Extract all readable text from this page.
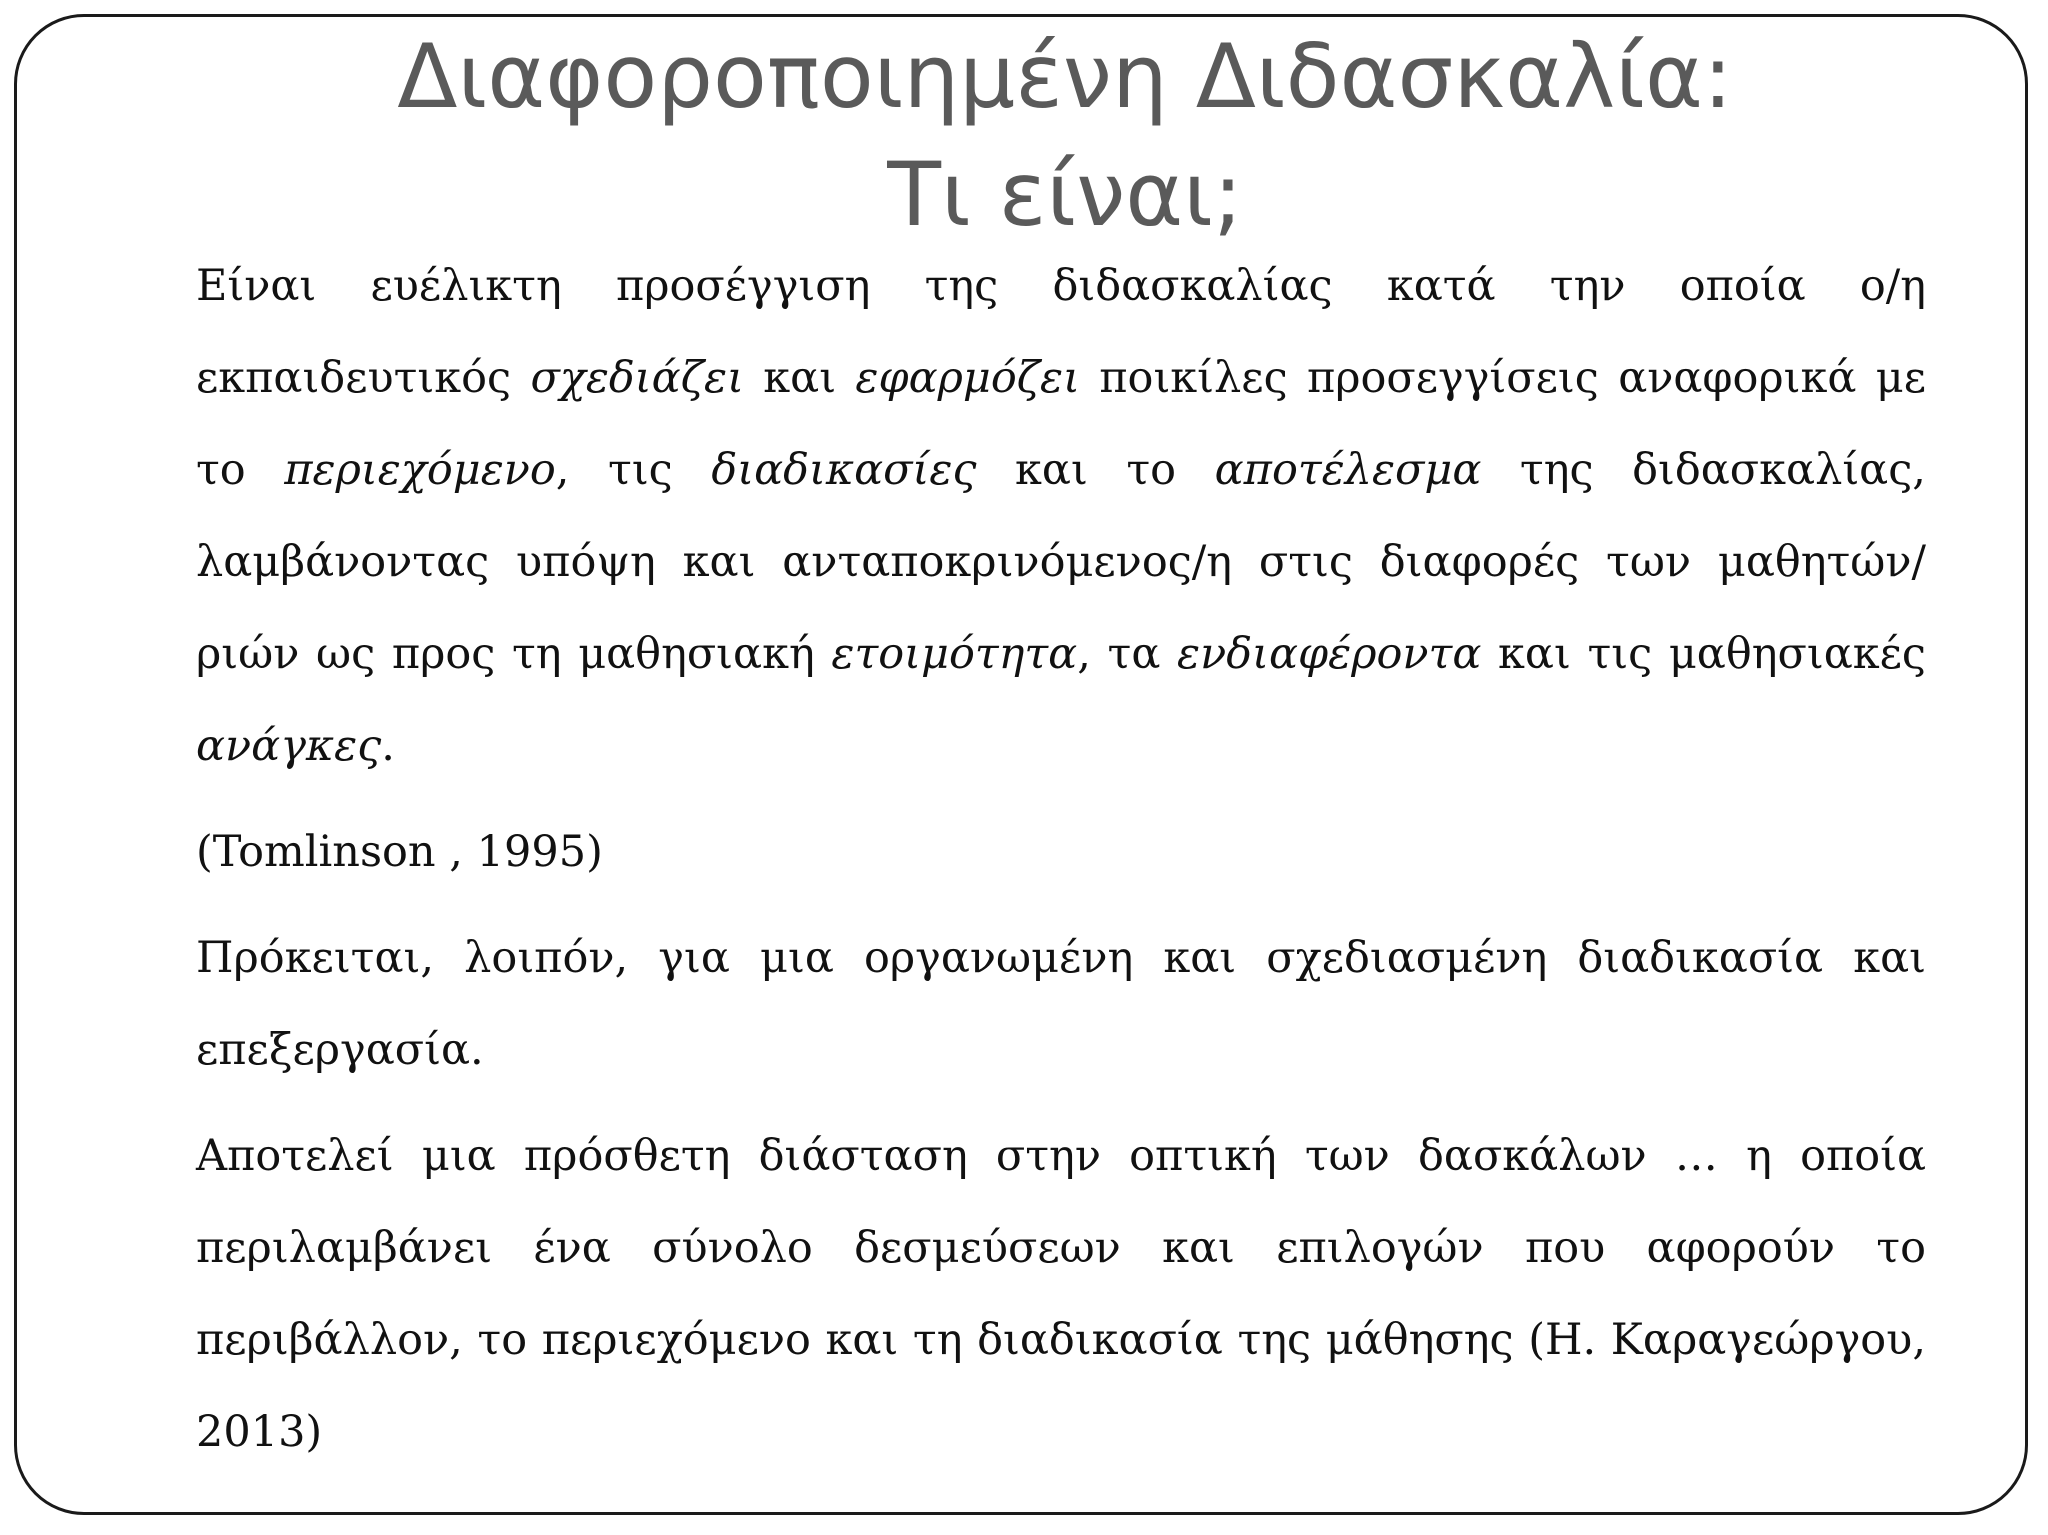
Διαφοροποιημένη Διδασκαλία:
Τι είναι;

Είναι ευέλικτη προσέγγιση της διδασκαλίας κατά την οποία ο/η εκπαιδευτικός σχεδιάζει και εφαρμόζει ποικίλες προσεγγίσεις αναφορικά με το περιεχόμενο, τις διαδικασίες και το αποτέλεσμα της διδασκαλίας, λαμβάνοντας υπόψη και ανταποκρινόμενος/η στις διαφορές των μαθητών/ριών ως προς τη μαθησιακή ετοιμότητα, τα ενδιαφέροντα και τις μαθησιακές ανάγκες.

(Tomlinson , 1995)

Πρόκειται, λοιπόν, για μια οργανωμένη και σχεδιασμένη διαδικασία και επεξεργασία.

Αποτελεί μια πρόσθετη διάσταση στην οπτική των δασκάλων … η οποία περιλαμβάνει ένα σύνολο δεσμεύσεων και επιλογών που αφορούν το περιβάλλον, το περιεχόμενο και τη διαδικασία της μάθησης (Η. Καραγεώργου, 2013)
